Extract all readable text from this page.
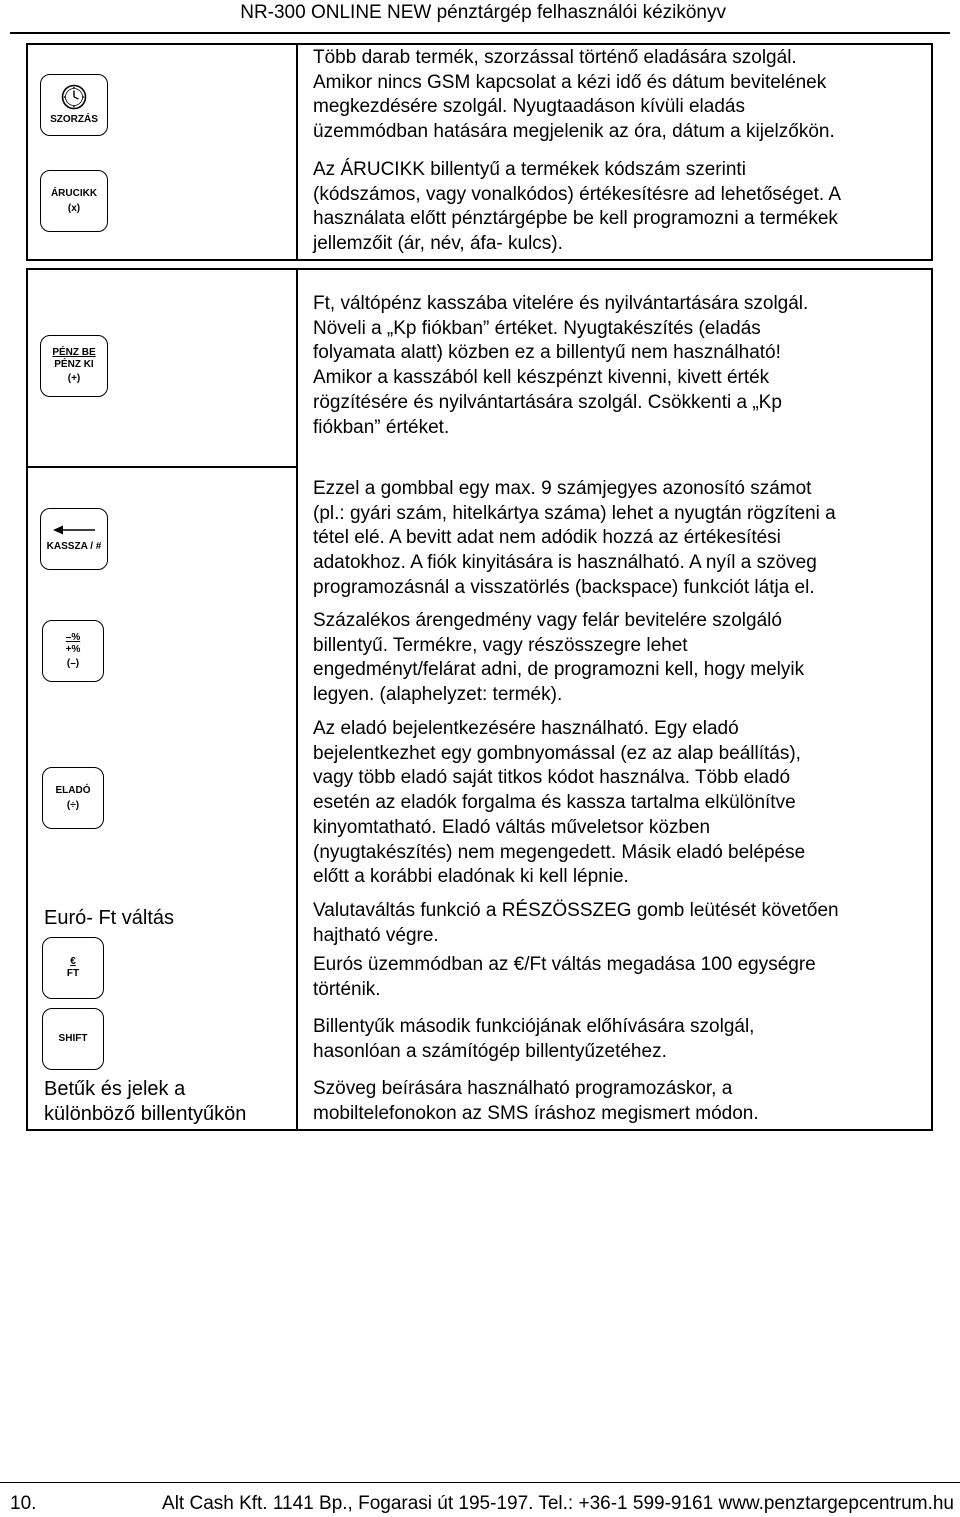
NR-300 ONLINE NEW pénztárgép felhasználói kézikönyv
SZORZÁS
ÁRUCIKK
(x)

Több darab termék, szorzással történő eladására szolgál.
Amikor nincs GSM kapcsolat a kézi idő és dátum bevitelének
megkezdésére szolgál. Nyugtaadáson kívüli eladás
üzemmódban hatására megjelenik az óra, dátum a kijelzőkön.

Az ÁRUCIKK billentyű a termékek kódszám szerinti
(kódszámos, vagy vonalkódos) értékesítésre ad lehetőséget. A
használata előtt pénztárgépbe be kell programozni a termékek
jellemzőit (ár, név, áfa- kulcs).

PÉNZ BE
PÉNZ KI
(+)
KASSZA / #
–%
+%
(–)
ELADÓ
(÷)

Euró- Ft váltás

€
FT
SHIFT

Betűk és jelek a
különböző billentyűkön

Ft, váltópénz kasszába vitelére és nyilvántartására szolgál.
Növeli a „Kp fiókban” értéket. Nyugtakészítés (eladás
folyamata alatt) közben ez a billentyű nem használható!
Amikor a kasszából kell készpénzt kivenni, kivett érték
rögzítésére és nyilvántartására szolgál. Csökkenti a „Kp
fiókban” értéket.

Ezzel a gombbal egy max. 9 számjegyes azonosító számot
(pl.: gyári szám, hitelkártya száma) lehet a nyugtán rögzíteni a
tétel elé. A bevitt adat nem adódik hozzá az értékesítési
adatokhoz. A fiók kinyitására is használható. A nyíl a szöveg
programozásnál a visszatörlés (backspace) funkciót látja el.

Százalékos árengedmény vagy felár bevitelére szolgáló
billentyű. Termékre, vagy részösszegre lehet
engedményt/felárat adni, de programozni kell, hogy melyik
legyen. (alaphelyzet: termék).

Az eladó bejelentkezésére használható. Egy eladó
bejelentkezhet egy gombnyomással (ez az alap beállítás),
vagy több eladó saját titkos kódot használva. Több eladó
esetén az eladók forgalma és kassza tartalma elkülönítve
kinyomtatható. Eladó váltás műveletsor közben
(nyugtakészítés) nem megengedett. Másik eladó belépése
előtt a korábbi eladónak ki kell lépnie.

Valutaváltás funkció a RÉSZÖSSZEG gomb leütését követően
hajtható végre.

Eurós üzemmódban az €/Ft váltás megadása 100 egységre
történik.

Billentyűk második funkciójának előhívására szolgál,
hasonlóan a számítógép billentyűzetéhez.

Szöveg beírására használható programozáskor, a
mobiltelefonokon az SMS íráshoz megismert módon.

10.	Alt Cash Kft. 1141 Bp., Fogarasi út 195-197. Tel.: +36-1 599-9161 www.penztargepcentrum.hu
